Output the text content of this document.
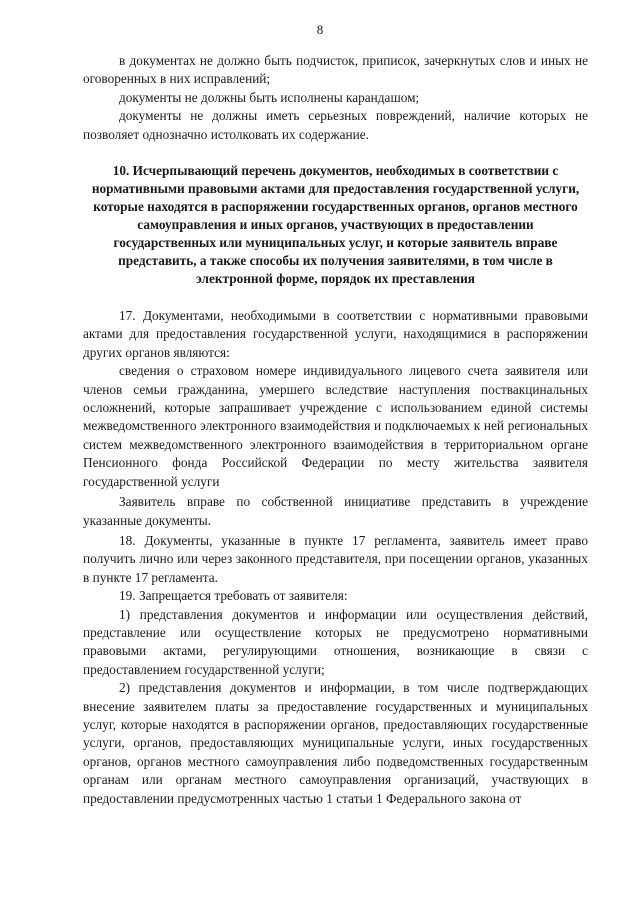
8

в документах не должно быть подчисток, приписок, зачеркнутых слов и иных не оговоренных в них исправлений;

документы не должны быть исполнены карандашом;

документы не должны иметь серьезных повреждений, наличие которых не позволяет однозначно истолковать их содержание.

10. Исчерпывающий перечень документов, необходимых в соответствии с нормативными правовыми актами для предоставления государственной услуги, которые находятся в распоряжении государственных органов, органов местного самоуправления и иных органов, участвующих в предоставлении государственных или муниципальных услуг, и которые заявитель вправе представить, а также способы их получения заявителями, в том числе в электронной форме, порядок их преставления

17. Документами, необходимыми в соответствии с нормативными правовыми актами для предоставления государственной услуги, находящимися в распоряжении других органов являются:

сведения о страховом номере индивидуального лицевого счета заявителя или членов семьи гражданина, умершего вследствие наступления поствакцинальных осложнений, которые запрашивает учреждение с использованием единой системы межведомственного электронного взаимодействия и подключаемых к ней региональных систем межведомственного электронного взаимодействия в территориальном органе Пенсионного фонда Российской Федерации по месту жительства заявителя государственной услуги

Заявитель вправе по собственной инициативе представить в учреждение указанные документы.

18. Документы, указанные в пункте 17 регламента, заявитель имеет право получить лично или через законного представителя, при посещении органов, указанных в пункте 17 регламента.

19. Запрещается требовать от заявителя:

1) представления документов и информации или осуществления действий, представление или осуществление которых не предусмотрено нормативными правовыми актами, регулирующими отношения, возникающие в связи с предоставлением государственной услуги;

2) представления документов и информации, в том числе подтверждающих внесение заявителем платы за предоставление государственных и муниципальных услуг, которые находятся в распоряжении органов, предоставляющих государственные услуги, органов, предоставляющих муниципальные услуги, иных государственных органов, органов местного самоуправления либо подведомственных государственным органам или органам местного самоуправления организаций, участвующих в предоставлении предусмотренных частью 1 статьи 1 Федерального закона от
